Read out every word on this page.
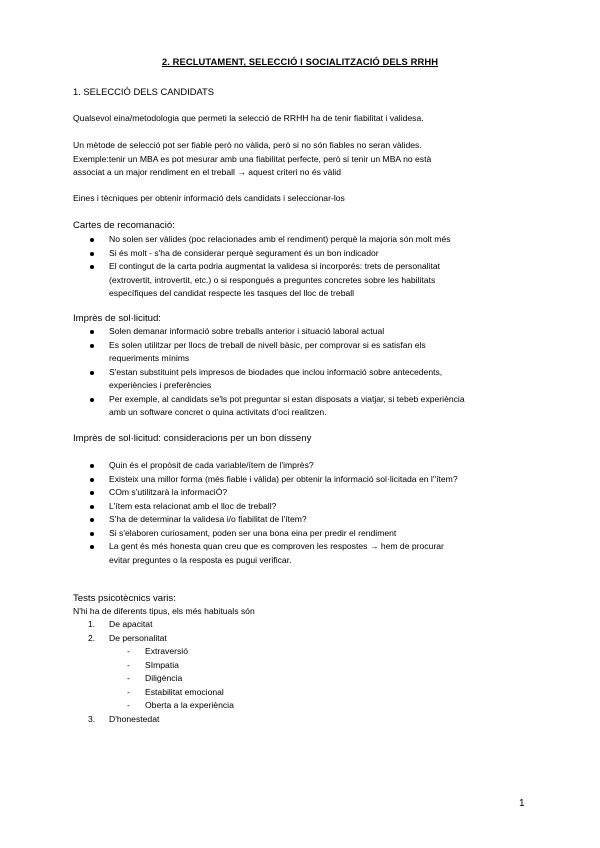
2. RECLUTAMENT, SELECCIÓ I SOCIALITZACIÓ DELS RRHH
1. SELECCIÓ DELS CANDIDATS
Qualsevol eina/metodologia que permeti la selecció de RRHH ha de tenir fiabilitat i validesa.
Un mètode de selecció pot ser fiable però no vàlida, però si no són fiables no seran vàlides.
Exemple:tenir un MBA es pot mesurar amb una fiabilitat perfecte, però si tenir un MBA no està
associat a un major rendiment en el treball → aquest criteri no és vàlid
Eines i tècniques per obtenir informació dels candidats i seleccionar-los
Cartes de recomanació:
No solen ser vàlides (poc relacionades amb el rendiment) perquè la majoria són molt més
Si és molt - s'ha de considerar perquè segurament és un bon indicador
El contingut de la carta podria augmentat la validesa si incorporés: trets de personalitat
(extrovertit, introvertit, etc.) o si respongués a preguntes concretes sobre les habilitats
específiques del candidat respecte les tasques del lloc de treball
Imprès de sol·licitud:
Solen demanar informació sobre treballs anterior i situació laboral actual
Es solen utilitzar per llocs de treball de nivell bàsic, per comprovar si es satisfan els
requeriments mínims
S'estan substituint pels impresos de biodades que inclou informació sobre antecedents,
experiències i preferències
Per exemple, al candidats se'ls pot preguntar si estan disposats a viatjar, si tebeb experiència
amb un software concret o quina activitats d'oci realitzen.
Imprès de sol·licitud: consideracions per un bon disseny
Quin és el propòsit de cada variable/ítem de l'imprès?
Existeix una millor forma (més fiable i vàlida) per obtenir la informació sol·licitada en l''ítem?
COm s'utilitzarà la informaciÓ?
L'ítem esta relacionat amb el lloc de treball?
S'ha de determinar la validesa i/o fiabilitat de l'ítem?
Si s'elaboren curiosament, poden ser una bona eina per predir el rendiment
La gent és més honesta quan creu que es comproven les respostes → hem de procurar
evitar preguntes o la resposta es pugui verificar.
Tests psicotècnics varis:
N'hi ha de diferents tipus, els més habituals són
1. De apacitat
2. De personalitat
- Extraversió
- SImpatia
- Diligència
- Estabilitat emocional
- Oberta a la experiència
3. D'honestedat
1
